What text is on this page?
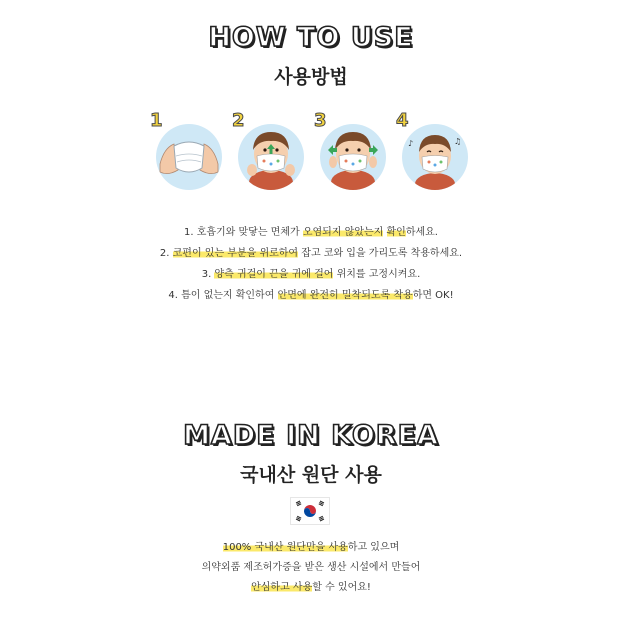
HOW TO USE
사용방법
1	2	3
♪	♫
4
1. 호흡기와 맞닿는 면체가 오염되지 않았는지 확인하세요.
2. 코편이 있는 부분을 위로하여 잡고 코와 입을 가리도록 착용하세요.
3. 양측 귀걸이 끈을 귀에 걸어 위치를 고정시켜요.
4. 틈이 없는지 확인하여 안면에 완전히 밀착되도록 착용하면 OK!
MADE IN KOREA
국내산 원단 사용
100% 국내산 원단만을 사용하고 있으며
의약외품 제조허가증을 받은 생산 시설에서 만들어
안심하고 사용할 수 있어요!
